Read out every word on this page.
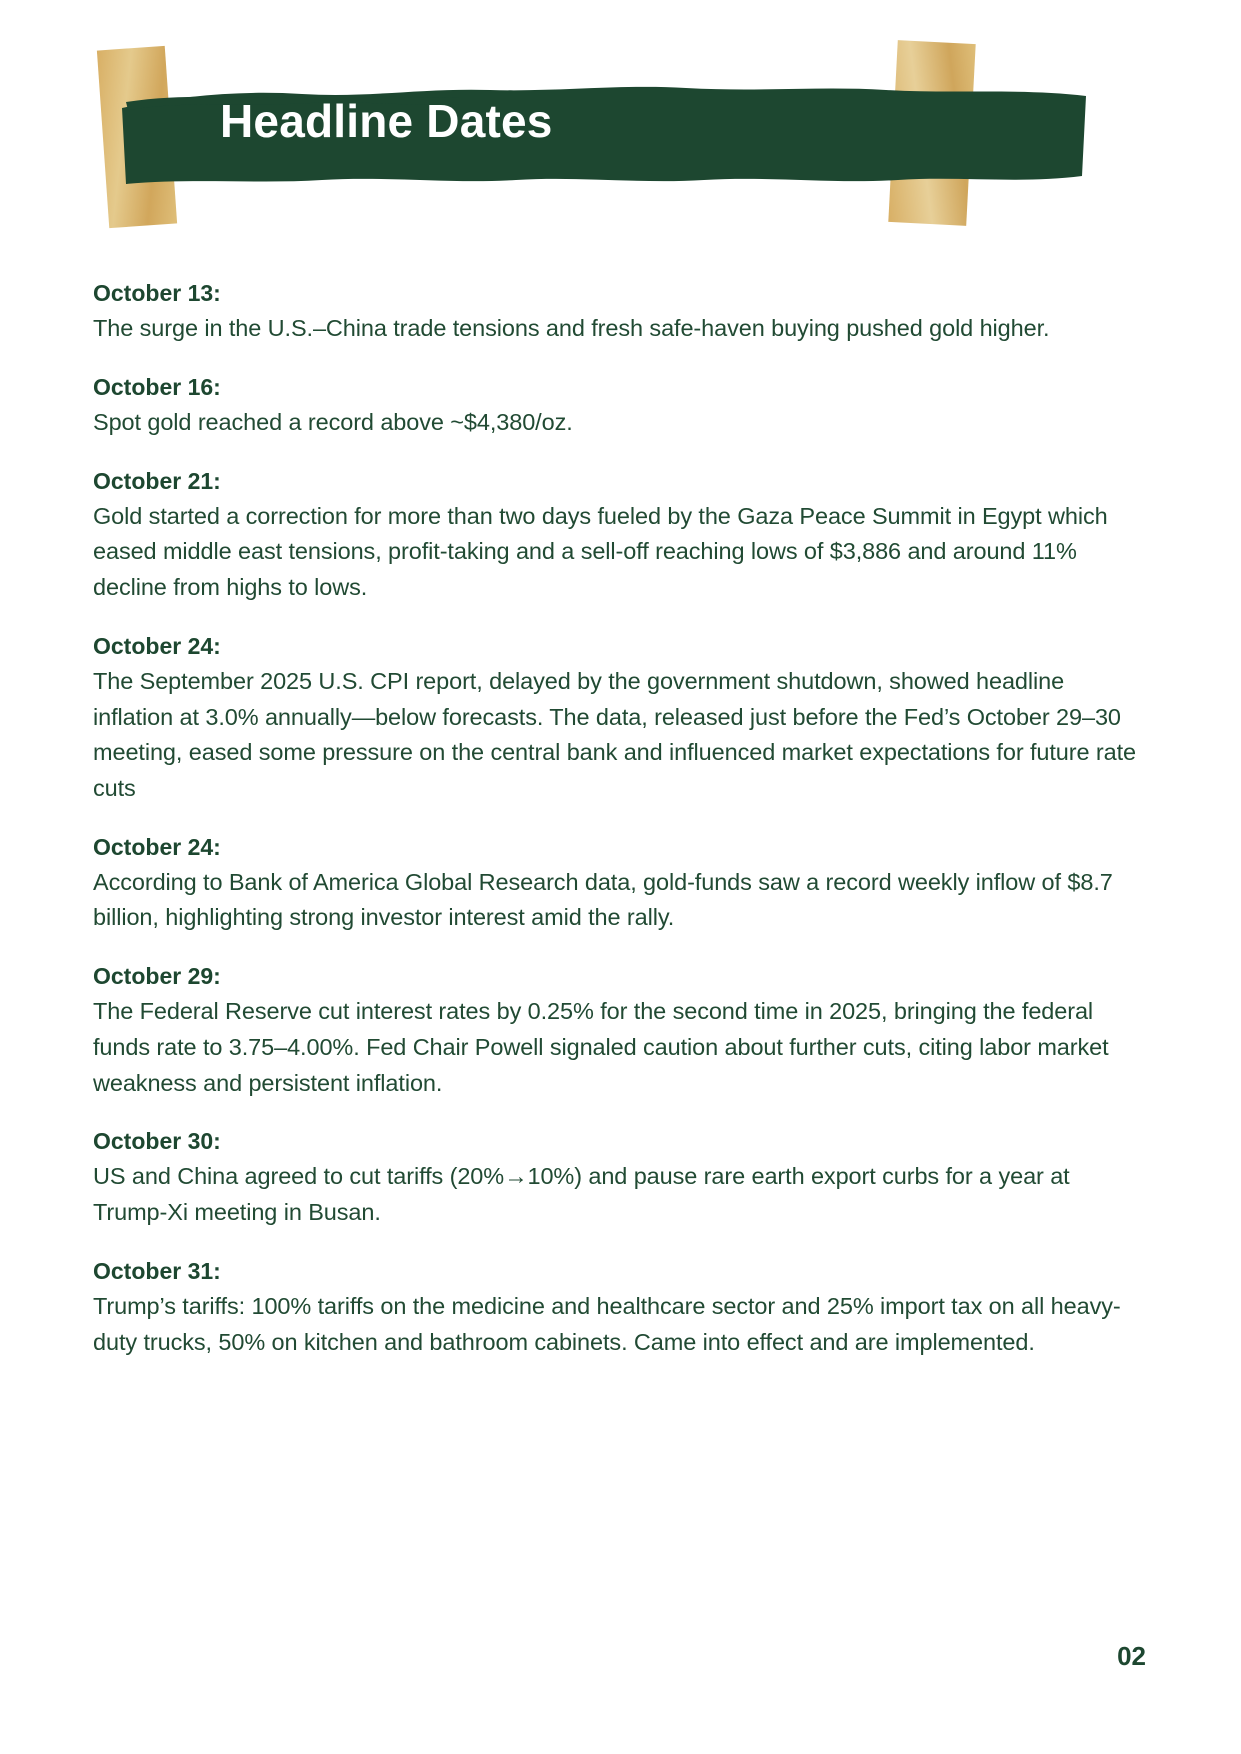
Headline Dates
October 13:
The surge in the U.S.–China trade tensions and fresh safe-haven buying pushed gold higher.
October 16:
Spot gold reached a record above ~$4,380/oz.
October 21:
Gold started a correction for more than two days fueled by the Gaza Peace Summit in Egypt which eased middle east tensions, profit-taking and a sell-off reaching lows of $3,886 and around 11% decline from highs to lows.
October 24:
The September 2025 U.S. CPI report, delayed by the government shutdown, showed headline inflation at 3.0% annually—below forecasts. The data, released just before the Fed’s October 29–30 meeting, eased some pressure on the central bank and influenced market expectations for future rate cuts
October 24:
According to Bank of America Global Research data, gold-funds saw a record weekly inflow of $8.7 billion, highlighting strong investor interest amid the rally.
October 29:
The Federal Reserve cut interest rates by 0.25% for the second time in 2025, bringing the federal funds rate to 3.75–4.00%. Fed Chair Powell signaled caution about further cuts, citing labor market weakness and persistent inflation.
October 30:
US and China agreed to cut tariffs (20%→10%) and pause rare earth export curbs for a year at Trump-Xi meeting in Busan.
October 31:
Trump’s tariffs: 100% tariffs on the medicine and healthcare sector and 25% import tax on all heavy-duty trucks, 50% on kitchen and bathroom cabinets. Came into effect and are implemented.
02
